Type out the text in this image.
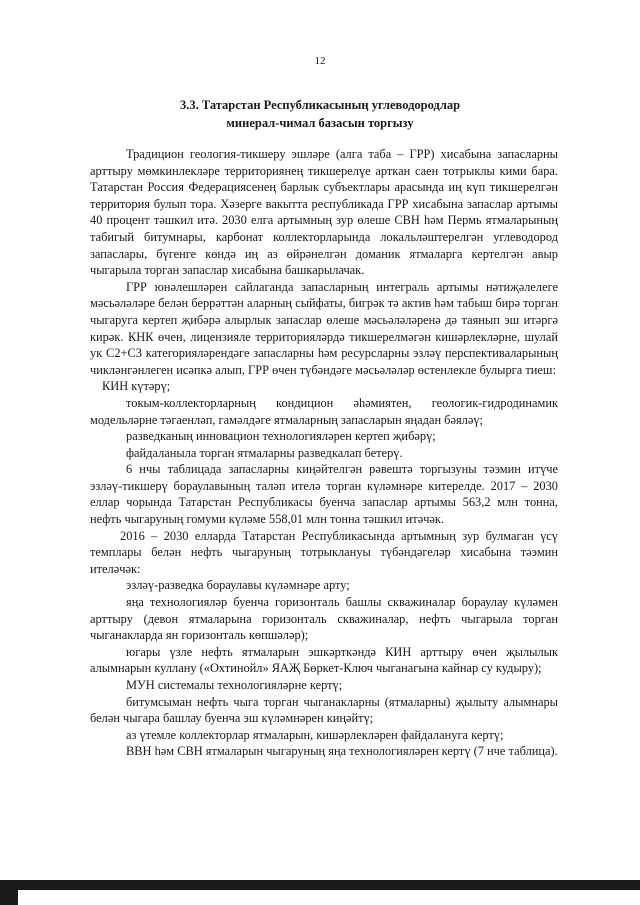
12
3.3. Татарстан Республикасының углеводородлар
минерал-чимал базасын торгызу

Традицион геология-тикшеру эшләре (алга таба – ГРР) хисабына запасларны арттыру мөмкинлекләре территориянең тикшерелүе арткан саен тотрыклы кими бара. Татарстан Россия Федерациясенең барлык субъектлары арасында иң күп тикшерелгән территория булып тора. Хәзерге вакытта республикада ГРР хисабына запаслар артымы 40 процент тәшкил итә. 2030 елга артымның зур өлеше СВН һәм Пермь ятмаларының табигый битумнары, карбонат коллекторларында локальләштерелгән углеводород запаслары, бүгенге көндә иң аз өйрәнелгән доманик ятмаларга кертелгән авыр чыгарыла торган запаслар хисабына башкарылачак.

ГРР юнәлешләрен сайлаганда запасларның интеграль артымы нәтиҗәлелеге мәсьәләләре белән беррәттән аларның сыйфаты, бигрәк тә актив һәм табыш бирә торган чыгаруга кертеп җибәрә алырлык запаслар өлеше мәсьәләләренә дә таянып эш итәргә кирәк. КНК өчен, лицензияле территорияләрдә тикшерелмәгән кишәрлекләрне, шулай ук С2+С3 категорияләрендәге запасларны һәм ресурсларны эзләү перспективаларының чикләнгәнлеген исәпкә алып, ГРР өчен түбәндәге мәсьәләләр өстенлекле булырга тиеш:

КИН күтәрү;

токым-коллекторларның кондицион әһәмиятен, геологик-гидродинамик модельләрне тәгаенләп, гамәлдәге ятмаларның запасларын яңадан бәяләү;

разведканың инновацион технологияләрен кертеп җибәрү;

файдаланыла торган ятмаларны разведкалап бетерү.

6 нчы таблицада запасларны киңәйтелгән рәвештә торгызуны тәэмин итүче эзләү-тикшерү бораулавының таләп ителә торган күләмнәре китерелде. 2017 – 2030 еллар чорында Татарстан Республикасы буенча запаслар артымы 563,2 млн тонна, нефть чыгаруның гомуми күләме 558,01 млн тонна тәшкил итәчәк.

2016 – 2030 елларда Татарстан Республикасында артымның зур булмаган үсү темплары белән нефть чыгаруның тотрыклануы түбәндәгеләр хисабына тәэмин ителәчәк:

эзләү-разведка бораулавы күләмнәре арту;

яңа технологияләр буенча горизонталь башлы скважиналар бораулау күләмен арттыру (девон ятмаларына горизонталь скважиналар, нефть чыгарыла торган чыганакларда ян горизонталь көпшәләр);

югары үзле нефть ятмаларын эшкәрткәндә КИН арттыру өчен җылылык алымнарын куллану («Охтинойл» ЯАҖ Бөркет-Ключ чыганагына кайнар су кудыру);

МУН системалы технологияләрне кертү;

битумсыман нефть чыга торган чыганакларны (ятмаларны) җылыту алымнары белән чыгара башлау буенча эш күләмнәрен киңәйтү;

аз үтемле коллекторлар ятмаларын, кишәрлекләрен файдалануга кертү;

ВВН һәм СВН ятмаларын чыгаруның яңа технологияләрен кертү (7 нче таблица).
